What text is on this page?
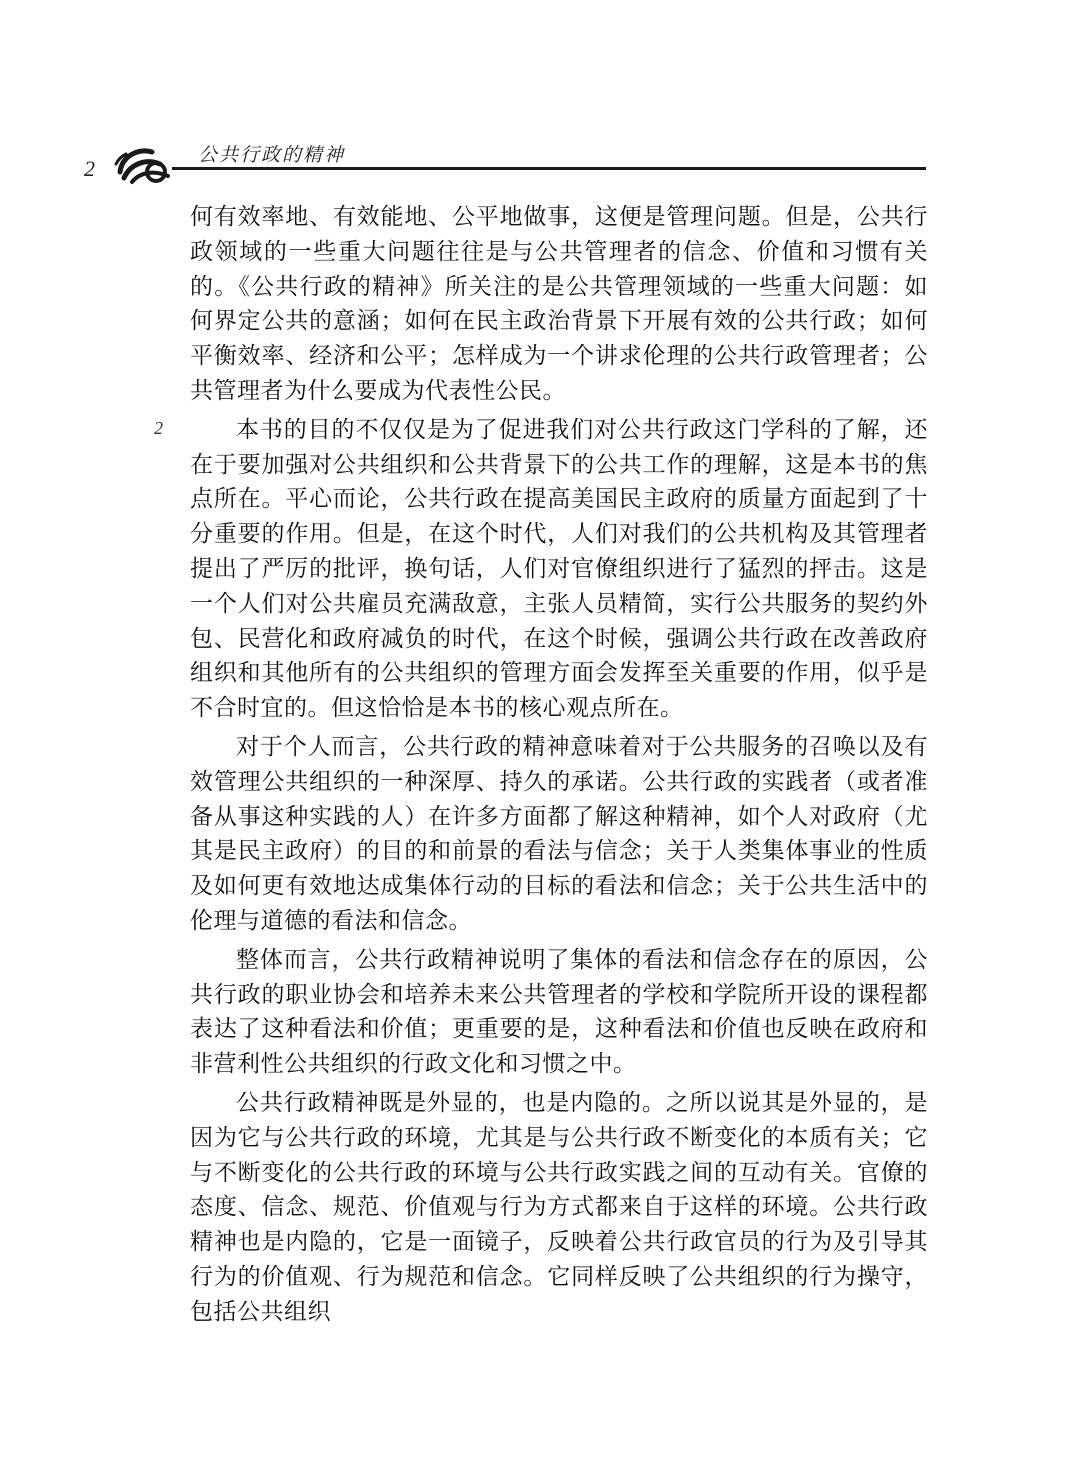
2
公共行政的精神
2

何有效率地、有效能地、公平地做事，这便是管理问题。但是，公共行政领域的一些重大问题往往是与公共管理者的信念、价值和习惯有关的。《公共行政的精神》所关注的是公共管理领域的一些重大问题：如何界定公共的意涵；如何在民主政治背景下开展有效的公共行政；如何平衡效率、经济和公平；怎样成为一个讲求伦理的公共行政管理者；公共管理者为什么要成为代表性公民。

本书的目的不仅仅是为了促进我们对公共行政这门学科的了解，还在于要加强对公共组织和公共背景下的公共工作的理解，这是本书的焦点所在。平心而论，公共行政在提高美国民主政府的质量方面起到了十分重要的作用。但是，在这个时代，人们对我们的公共机构及其管理者提出了严厉的批评，换句话，人们对官僚组织进行了猛烈的抨击。这是一个人们对公共雇员充满敌意，主张人员精简，实行公共服务的契约外包、民营化和政府减负的时代，在这个时候，强调公共行政在改善政府组织和其他所有的公共组织的管理方面会发挥至关重要的作用，似乎是不合时宜的。但这恰恰是本书的核心观点所在。

对于个人而言，公共行政的精神意味着对于公共服务的召唤以及有效管理公共组织的一种深厚、持久的承诺。公共行政的实践者（或者准备从事这种实践的人）在许多方面都了解这种精神，如个人对政府（尤其是民主政府）的目的和前景的看法与信念；关于人类集体事业的性质及如何更有效地达成集体行动的目标的看法和信念；关于公共生活中的伦理与道德的看法和信念。

整体而言，公共行政精神说明了集体的看法和信念存在的原因，公共行政的职业协会和培养未来公共管理者的学校和学院所开设的课程都表达了这种看法和价值；更重要的是，这种看法和价值也反映在政府和非营利性公共组织的行政文化和习惯之中。

公共行政精神既是外显的，也是内隐的。之所以说其是外显的，是因为它与公共行政的环境，尤其是与公共行政不断变化的本质有关；它与不断变化的公共行政的环境与公共行政实践之间的互动有关。官僚的态度、信念、规范、价值观与行为方式都来自于这样的环境。公共行政精神也是内隐的，它是一面镜子，反映着公共行政官员的行为及引导其行为的价值观、行为规范和信念。它同样反映了公共组织的行为操守，包括公共组织
